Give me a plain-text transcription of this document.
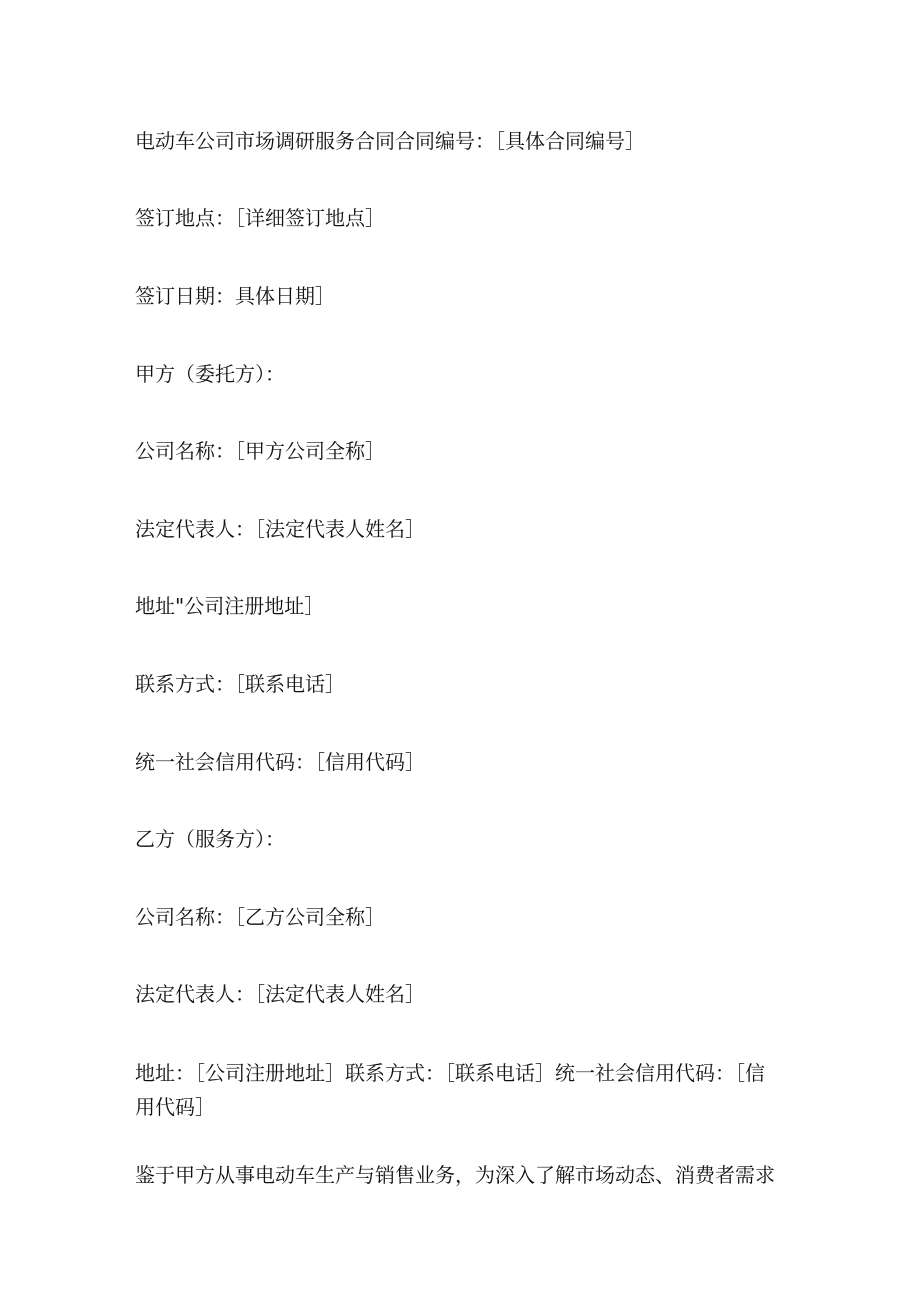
电动车公司市场调研服务合同合同编号：［具体合同编号］
签订地点：［详细签订地点］
签订日期：具体日期］
甲方（委托方）：
公司名称：［甲方公司全称］
法定代表人：［法定代表人姓名］
地址"公司注册地址］
联系方式：［联系电话］
统一社会信用代码：［信用代码］
乙方（服务方）：
公司名称：［乙方公司全称］
法定代表人：［法定代表人姓名］
地址：［公司注册地址］联系方式：［联系电话］统一社会信用代码：［信用代码］
鉴于甲方从事电动车生产与销售业务，为深入了解市场动态、消费者需求
